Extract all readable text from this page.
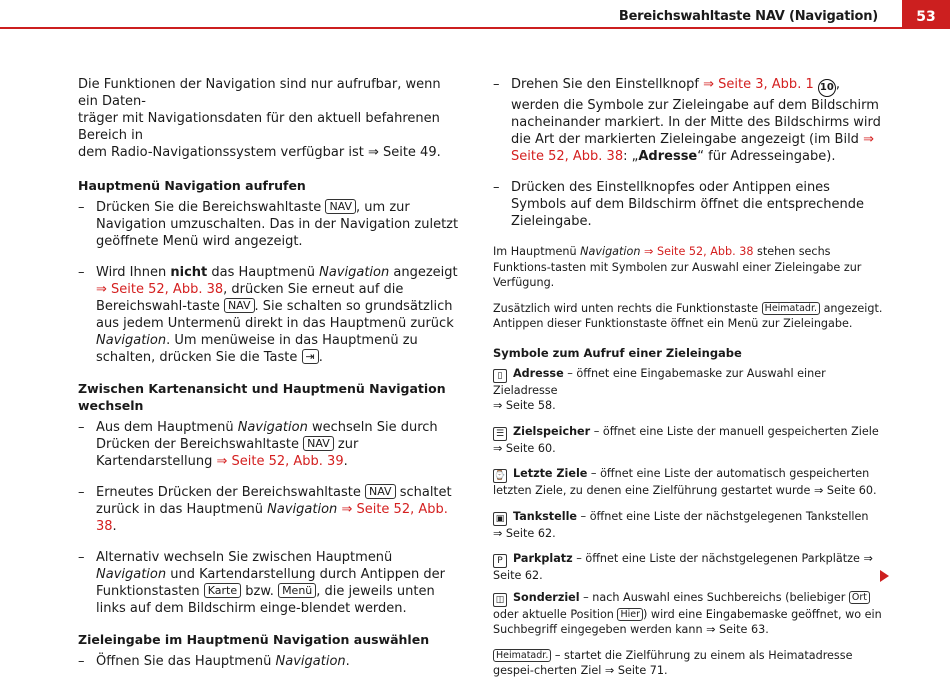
Bereichswahltaste NAV (Navigation)	53

Die Funktionen der Navigation sind nur aufrufbar, wenn ein Daten-
träger mit Navigationsdaten für den aktuell befahrenen Bereich in
dem Radio-Navigationssystem verfügbar ist ⇒ Seite 49.

Hauptmenü Navigation aufrufen
– Drücken Sie die Bereichswahltaste NAV , um zur Navigation umzuschalten. Das in der Navigation zuletzt geöffnete Menü wird angezeigt.
– Wird Ihnen nicht das Hauptmenü Navigation angezeigt ⇒ Seite 52, Abb. 38, drücken Sie erneut auf die Bereichswahl-taste NAV . Sie schalten so grundsätzlich aus jedem Untermenü direkt in das Hauptmenü zurück Navigation. Um menüweise in das Hauptmenü zu schalten, drücken Sie die Taste ⇥ .
Zwischen Kartenansicht und Hauptmenü Navigation wechseln
– Aus dem Hauptmenü Navigation wechseln Sie durch Drücken der Bereichswahltaste NAV zur Kartendarstellung ⇒ Seite 52, Abb. 39.
– Erneutes Drücken der Bereichswahltaste NAV schaltet zurück in das Hauptmenü Navigation ⇒ Seite 52, Abb. 38.
– Alternativ wechseln Sie zwischen Hauptmenü Navigation und Kartendarstellung durch Antippen der Funktionstasten Karte bzw. Menü , die jeweils unten links auf dem Bildschirm einge-blendet werden.
Zieleingabe im Hauptmenü Navigation auswählen
– Öffnen Sie das Hauptmenü Navigation.
– Drehen Sie den Einstellknopf ⇒ Seite 3, Abb. 1 10 , werden die Symbole zur Zieleingabe auf dem Bildschirm nacheinander markiert. In der Mitte des Bildschirms wird die Art der markierten Zieleingabe angezeigt (im Bild ⇒ Seite 52, Abb. 38: „Adresse“ für Adresseingabe).
– Drücken des Einstellknopfes oder Antippen eines Symbols auf dem Bildschirm öffnet die entsprechende Zieleingabe.

Im Hauptmenü Navigation ⇒ Seite 52, Abb. 38 stehen sechs Funktions-tasten mit Symbolen zur Auswahl einer Zieleingabe zur Verfügung.

Zusätzlich wird unten rechts die Funktionstaste Heimatadr. angezeigt. Antippen dieser Funktionstaste öffnet ein Menü zur Zieleingabe.

Symbole zum Aufruf einer Zieleingabe

▯ Adresse – öffnet eine Eingabemaske zur Auswahl einer Zieladresse
⇒ Seite 58.

☰ Zielspeicher – öffnet eine Liste der manuell gespeicherten Ziele
⇒ Seite 60.

⌚ Letzte Ziele – öffnet eine Liste der automatisch gespeicherten letzten Ziele, zu denen eine Zielführung gestartet wurde ⇒ Seite 60.

▣ Tankstelle – öffnet eine Liste der nächstgelegenen Tankstellen
⇒ Seite 62.

P Parkplatz – öffnet eine Liste der nächstgelegenen Parkplätze ⇒ Seite 62.

◫ Sonderziel – nach Auswahl eines Suchbereichs (beliebiger Ort oder aktuelle Position Hier ) wird eine Eingabemaske geöffnet, wo ein Suchbegriff eingegeben werden kann ⇒ Seite 63.

Heimatadr. – startet die Zielführung zu einem als Heimatadresse gespei-cherten Ziel ⇒ Seite 71.
